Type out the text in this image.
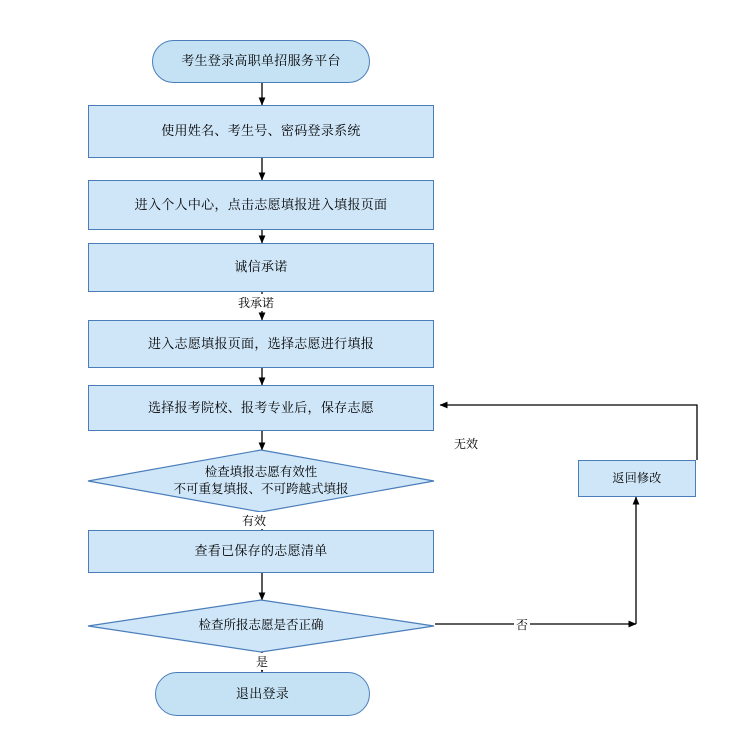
考生登录高职单招服务平台
使用姓名、考生号、密码登录系统
进入个人中心，点击志愿填报进入填报页面
诚信承诺
我承诺
进入志愿填报页面，选择志愿进行填报
选择报考院校、报考专业后，保存志愿
检查填报志愿有效性
不可重复填报、不可跨越式填报
无效
有效
查看已保存的志愿清单
检查所报志愿是否正确	否
是
返回修改
退出登录
